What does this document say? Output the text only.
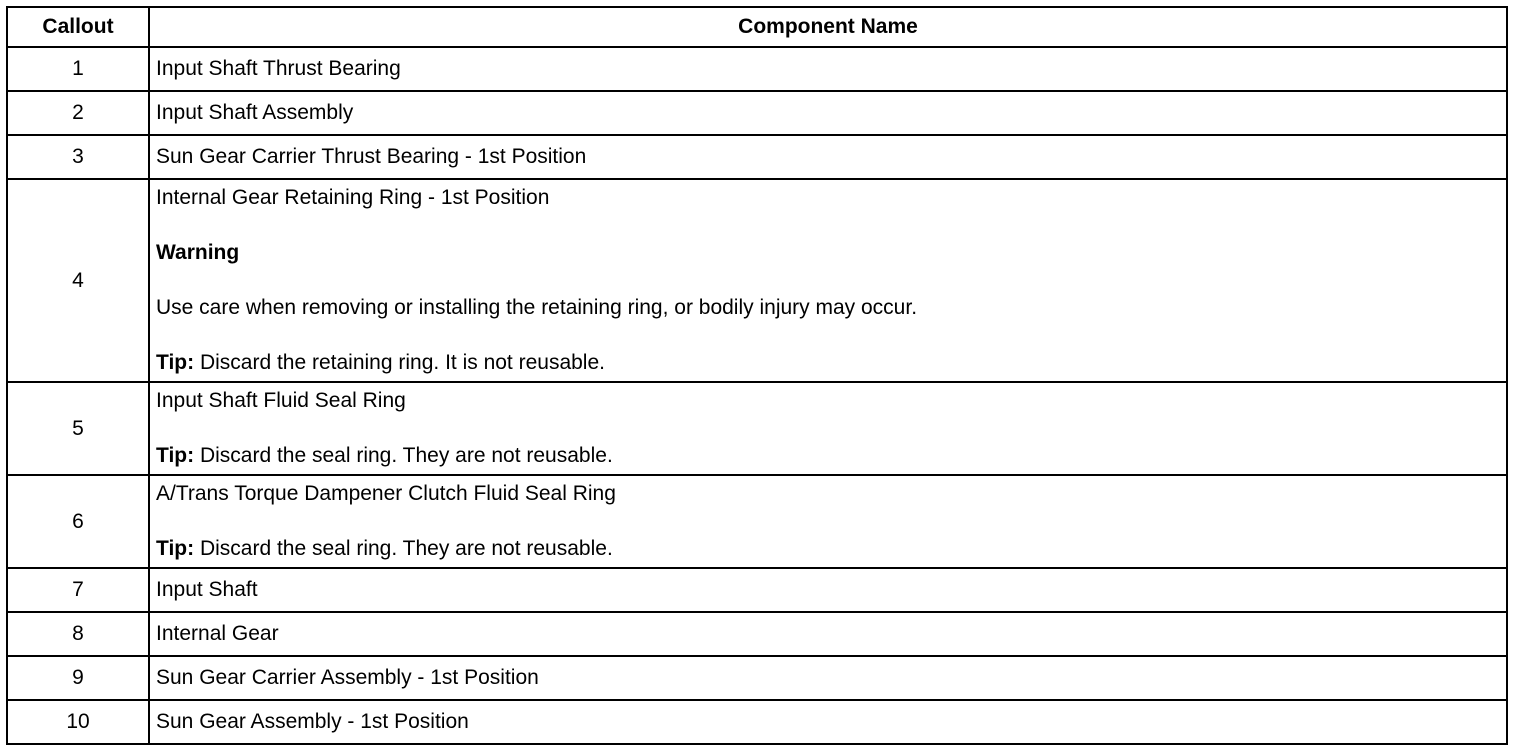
Callout	Component Name
1	Input Shaft Thrust Bearing
2	Input Shaft Assembly
3	Sun Gear Carrier Thrust Bearing - 1st Position
4	Internal Gear Retaining Ring - 1st Position
Warning
Use care when removing or installing the retaining ring, or bodily injury may occur.
Tip: Discard the retaining ring. It is not reusable.

5	Input Shaft Fluid Seal Ring
Tip: Discard the seal ring. They are not reusable.

6	A/Trans Torque Dampener Clutch Fluid Seal Ring
Tip: Discard the seal ring. They are not reusable.

7	Input Shaft
8	Internal Gear
9	Sun Gear Carrier Assembly - 1st Position
10	Sun Gear Assembly - 1st Position
